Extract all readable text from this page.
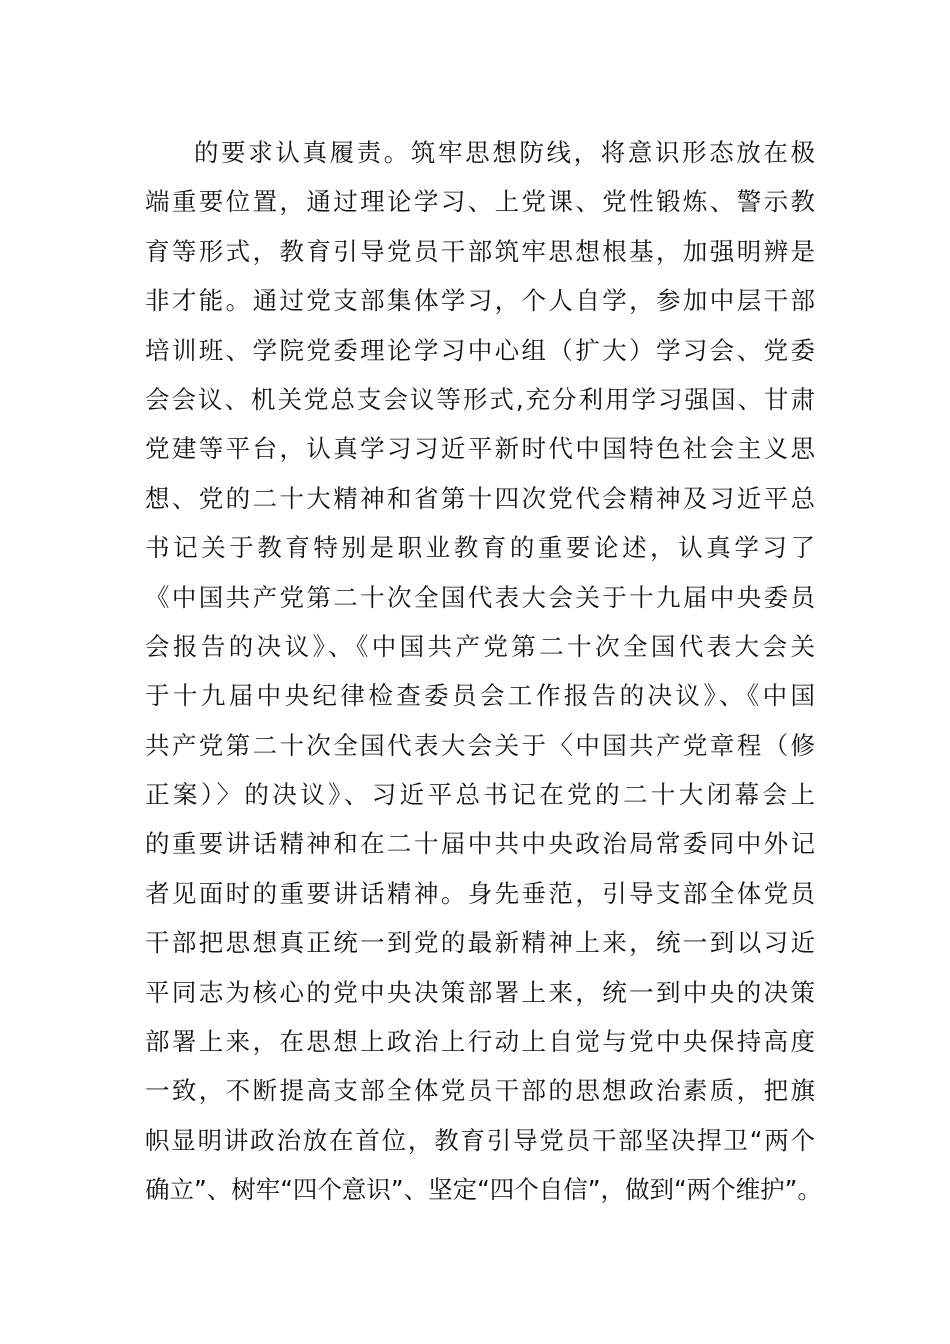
的要求认真履责。筑牢思想防线，将意识形态放在极
端重要位置，通过理论学习、上党课、党性锻炼、警示教
育等形式，教育引导党员干部筑牢思想根基，加强明辨是
非才能。通过党支部集体学习，个人自学，参加中层干部
培训班、学院党委理论学习中心组（扩大）学习会、党委
会会议、机关党总支会议等形式,充分利用学习强国、甘肃
党建等平台，认真学习习近平新时代中国特色社会主义思
想、党的二十大精神和省第十四次党代会精神及习近平总
书记关于教育特别是职业教育的重要论述，认真学习了
《中国共产党第二十次全国代表大会关于十九届中央委员
会报告的决议》、《中国共产党第二十次全国代表大会关
于十九届中央纪律检查委员会工作报告的决议》、《中国
共产党第二十次全国代表大会关于〈中国共产党章程（修
正案）〉的决议》、习近平总书记在党的二十大闭幕会上
的重要讲话精神和在二十届中共中央政治局常委同中外记
者见面时的重要讲话精神。身先垂范，引导支部全体党员
干部把思想真正统一到党的最新精神上来，统一到以习近
平同志为核心的党中央决策部署上来，统一到中央的决策
部署上来，在思想上政治上行动上自觉与党中央保持高度
一致，不断提高支部全体党员干部的思想政治素质，把旗
帜显明讲政治放在首位，教育引导党员干部坚决捍卫“两个
确立”、树牢“四个意识”、坚定“四个自信”，做到“两个维护”。
